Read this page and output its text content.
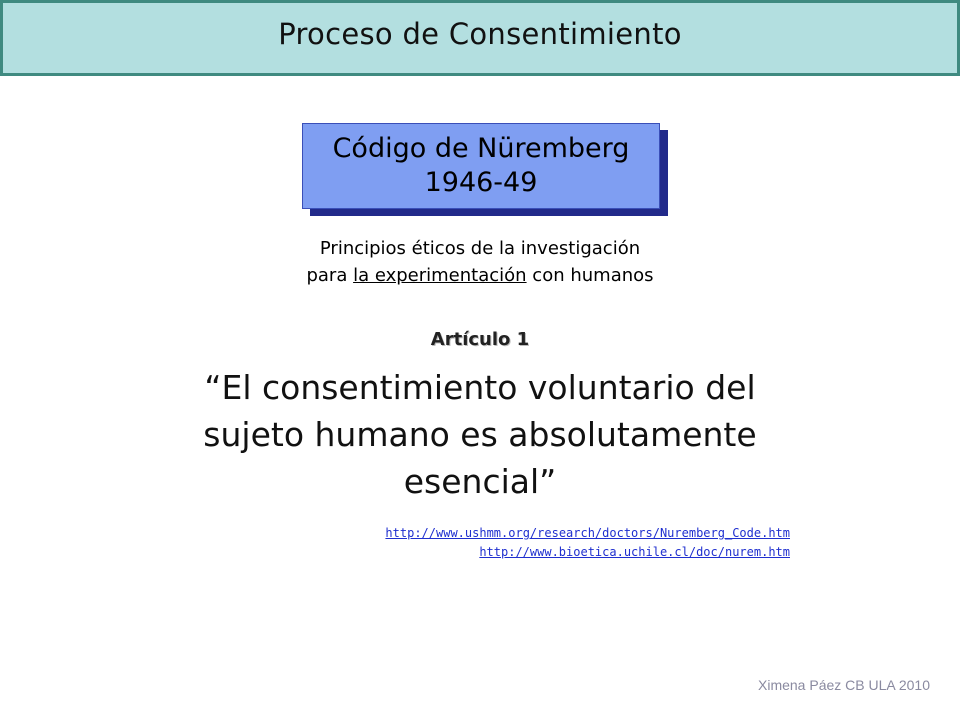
Proceso de Consentimiento
Código de Nüremberg
1946-49
Principios éticos de la investigación
para la experimentación con humanos
Artículo 1
“El consentimiento voluntario del sujeto humano es absolutamente esencial”
http://www.ushmm.org/research/doctors/Nuremberg_Code.htm
http://www.bioetica.uchile.cl/doc/nurem.htm
Ximena Páez CB ULA 2010
